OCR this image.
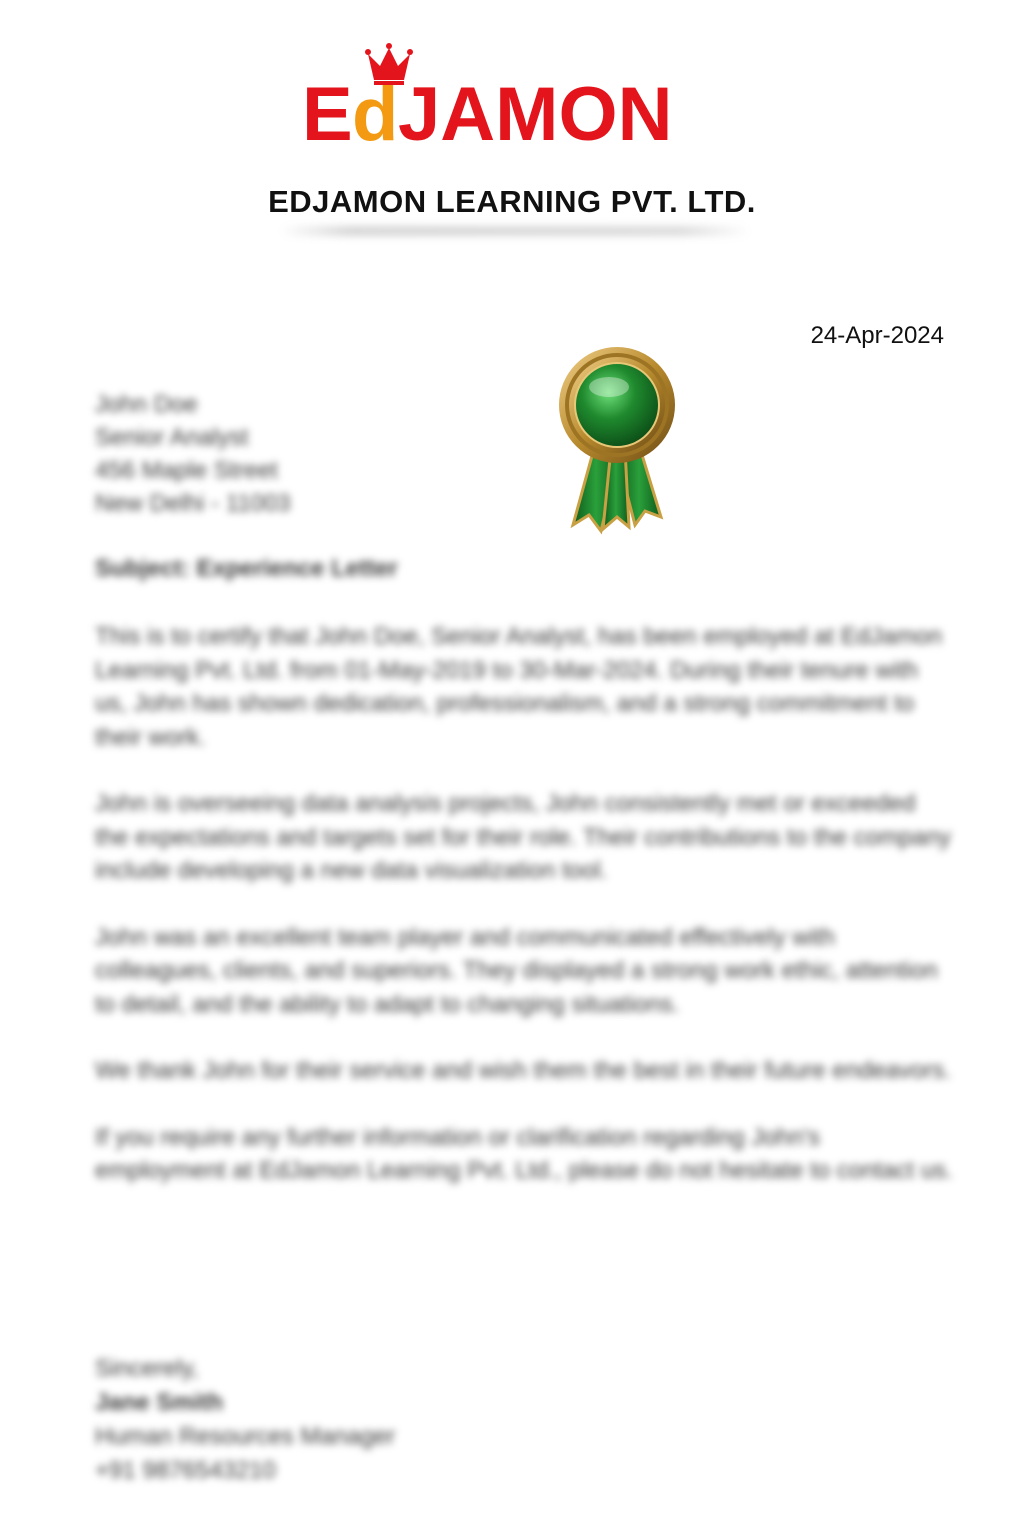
E d JAMON
EDJAMON LEARNING PVT. LTD.
24-Apr-2024
John Doe
Senior Analyst
456 Maple Street
New Delhi - 11003
Subject: Experience Letter

This is to certify that John Doe, Senior Analyst, has been employed at EdJamon Learning Pvt. Ltd. from 01-May-2019 to 30-Mar-2024. During their tenure with us, John has shown dedication, professionalism, and a strong commitment to their work.

John is overseeing data analysis projects, John consistently met or exceeded the expectations and targets set for their role. Their contributions to the company include developing a new data visualization tool.

John was an excellent team player and communicated effectively with colleagues, clients, and superiors. They displayed a strong work ethic, attention to detail, and the ability to adapt to changing situations.

We thank John for their service and wish them the best in their future endeavors.

If you require any further information or clarification regarding John's employment at EdJamon Learning Pvt. Ltd., please do not hesitate to contact us.

Sincerely,
Jane Smith
Human Resources Manager
+91 9876543210
